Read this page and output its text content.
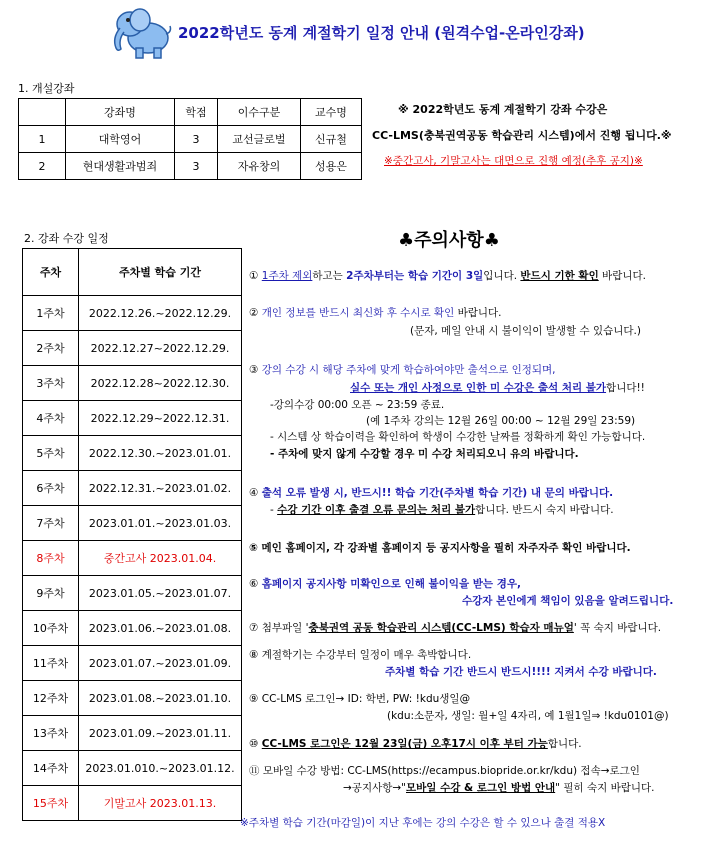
2022학년도 동계 계절학기 일정 안내 (원격수업-온라인강좌)
1. 개설강좌
	강좌명	학점	이수구분	교수명
1	대학영어	3	교선글로벌	신규철
2	현대생활과범죄	3	자유창의	성용은
※ 2022학년도 동계 계절학기 강좌 수강은
CC-LMS(충북권역공동 학습관리 시스템)에서 진행 됩니다.※
※중간고사, 기말고사는 대면으로 진행 예정(추후 공지)※
2. 강좌 수강 일정
주차	주차별 학습 기간
1주차	2022.12.26.~2022.12.29.
2주차	2022.12.27~2022.12.29.
3주차	2022.12.28~2022.12.30.
4주차	2022.12.29~2022.12.31.
5주차	2022.12.30.~2023.01.01.
6주차	2022.12.31.~2023.01.02.
7주차	2023.01.01.~2023.01.03.
8주차	중간고사 2023.01.04.
9주차	2023.01.05.~2023.01.07.
10주차	2023.01.06.~2023.01.08.
11주차	2023.01.07.~2023.01.09.
12주차	2023.01.08.~2023.01.10.
13주차	2023.01.09.~2023.01.11.
14주차	2023.01.010.~2023.01.12.
15주차	기말고사 2023.01.13.
♣주의사항♣
① 1주차 제외하고는 2주차부터는 학습 기간이 3일입니다. 반드시 기한 확인 바랍니다.
② 개인 정보를 반드시 최신화 후 수시로 확인 바랍니다.
(문자, 메일 안내 시 불이익이 발생할 수 있습니다.)
③ 강의 수강 시 해당 주차에 맞게 학습하여야만 출석으로 인정되며,
실수 또는 개인 사정으로 인한 미 수강은 출석 처리 불가합니다!!
-강의수강 00:00 오픈 ~ 23:59 종료.
(예 1주차 강의는 12월 26일 00:00 ~ 12월 29일 23:59)
- 시스템 상 학습이력을 확인하여 학생이 수강한 날짜를 정확하게 확인 가능합니다.
- 주차에 맞지 않게 수강할 경우 미 수강 처리되오니 유의 바랍니다.
④ 출석 오류 발생 시, 반드시!! 학습 기간(주차별 학습 기간) 내 문의 바랍니다.
- 수강 기간 이후 출결 오류 문의는 처리 불가합니다. 반드시 숙지 바랍니다.
⑤ 메인 홈페이지, 각 강좌별 홈페이지 등 공지사항을 필히 자주자주 확인 바랍니다.
⑥ 홈페이지 공지사항 미확인으로 인해 불이익을 받는 경우,
수강자 본인에게 책임이 있음을 알려드립니다.
⑦ 첨부파일 '충북권역 공동 학습관리 시스템(CC-LMS) 학습자 매뉴얼' 꼭 숙지 바랍니다.
⑧ 계절학기는 수강부터 일정이 매우 촉박합니다.
주차별 학습 기간 반드시 반드시!!!! 지켜서 수강 바랍니다.
⑨ CC-LMS 로그인→ ID: 학번, PW: !kdu생일@
(kdu:소문자, 생일: 월+일 4자리, 예 1월1일⇒ !kdu0101@)
⑩ CC-LMS 로그인은 12월 23일(금) 오후17시 이후 부터 가능합니다.
⑪ 모바일 수강 방법: CC-LMS(https://ecampus.biopride.or.kr/kdu) 접속→로그인
→공지사항→"모바일 수강 & 로그인 방법 안내" 필히 숙지 바랍니다.
※주차별 학습 기간(마감일)이 지난 후에는 강의 수강은 할 수 있으나 출결 적용X
